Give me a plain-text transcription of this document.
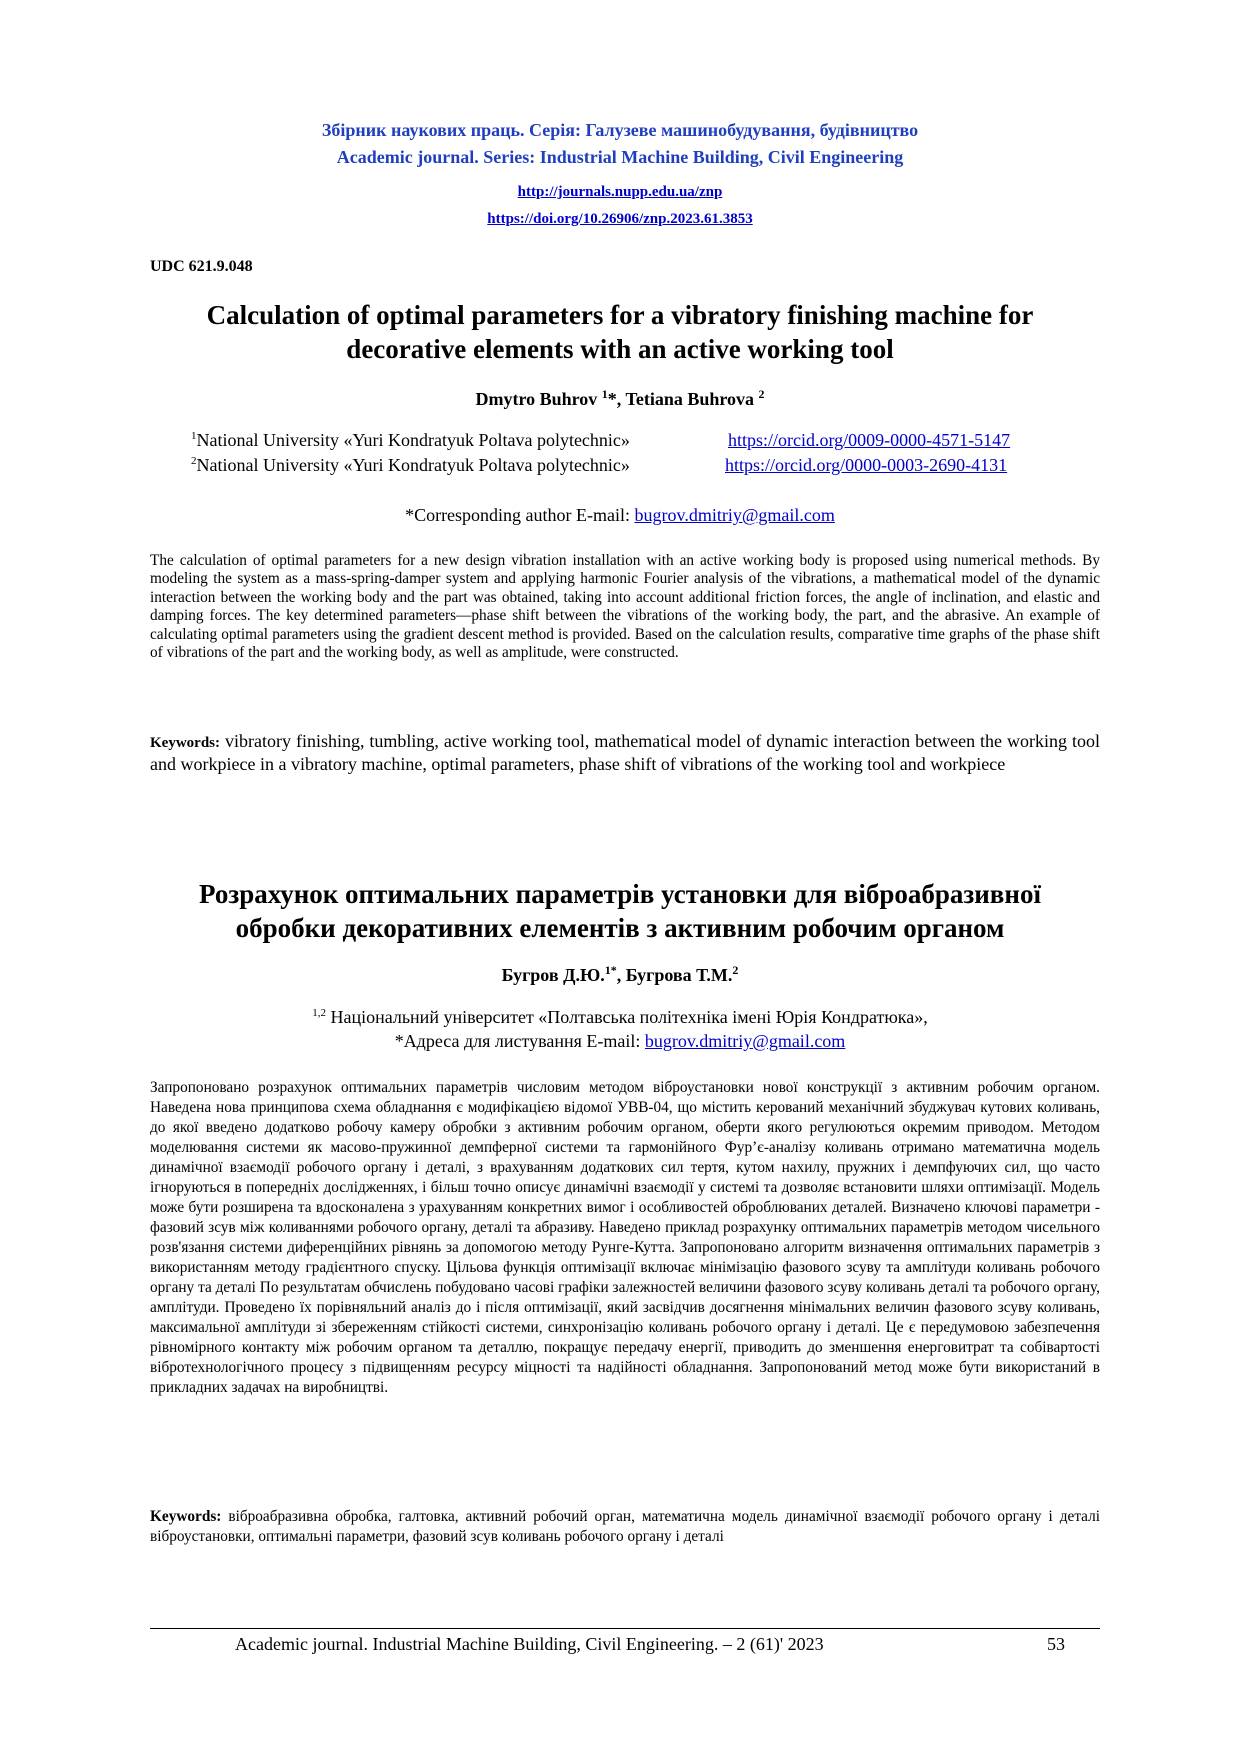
Збірник наукових праць. Серія: Галузеве машинобудування, будівництво
Academic journal. Series: Industrial Machine Building, Civil Engineering
http://journals.nupp.edu.ua/znp
https://doi.org/10.26906/znp.2023.61.3853
UDC 621.9.048
Calculation of optimal parameters for a vibratory finishing machine for
decorative elements with an active working tool
Dmytro Buhrov $^1$*, Tetiana Buhrova $^2$
$^1$National University «Yuri Kondratyuk Poltava polytechnic»	https://orcid.org/0009-0000-4571-5147
$^2$National University «Yuri Kondratyuk Poltava polytechnic»	https://orcid.org/0000-0003-2690-4131
*Corresponding author E-mail: bugrov.dmitriy@gmail.com
The calculation of optimal parameters for a new design vibration installation with an active working body is proposed using numerical methods. By modeling the system as a mass-spring-damper system and applying harmonic Fourier analysis of the vibrations, a mathematical model of the dynamic interaction between the working body and the part was obtained, taking into account additional friction forces, the angle of inclination, and elastic and damping forces. The key determined parameters—phase shift between the vibrations of the working body, the part, and the abrasive. An example of calculating optimal parameters using the gradient descent method is provided. Based on the calculation results, comparative time graphs of the phase shift of vibrations of the part and the working body, as well as amplitude, were constructed.
Keywords: vibratory finishing, tumbling, active working tool, mathematical model of dynamic interaction between the working tool and workpiece in a vibratory machine, optimal parameters, phase shift of vibrations of the working tool and workpiece
Розрахунок оптимальних параметрів установки для віброабразивної
обробки декоративних елементів з активним робочим органом
Бугров Д.Ю.$^{1*}$, Бугрова Т.М.$^2$
$^{1,2}$ Національний університет «Полтавська політехніка імені Юрія Кондратюка»,
*Адреса для листування E-mail: bugrov.dmitriy@gmail.com
Запропоновано розрахунок оптимальних параметрів числовим методом віброустановки нової конструкції з активним робочим органом. Наведена нова принципова схема обладнання є модифікацією відомої УВВ-04, що містить керований механічний збуджувач кутових коливань, до якої введено додатково робочу камеру обробки з активним робочим органом, оберти якого регулюються окремим приводом. Методом моделювання системи як масово-пружинної демпферної системи та гармонійного Фур’є-аналізу коливань отримано математична модель динамічної взаємодії робочого органу і деталі, з врахуванням додаткових сил тертя, кутом нахилу, пружних і демпфуючих сил, що часто ігноруються в попередніх дослідженнях, і більш точно описує динамічні взаємодії у системі та дозволяє встановити шляхи оптимізації. Модель може бути розширена та вдосконалена з урахуванням конкретних вимог і особливостей оброблюваних деталей. Визначено ключові параметри - фазовий зсув між коливаннями робочого органу, деталі та абразиву. Наведено приклад розрахунку оптимальних параметрів методом чисельного розв'язання системи диференційних рівнянь за допомогою методу Рунге-Кутта. Запропоновано алгоритм визначення оптимальних параметрів з використанням методу градієнтного спуску. Цільова функція оптимізації включає мінімізацію фазового зсуву та амплітуди коливань робочого органу та деталі По результатам обчислень побудовано часові графіки залежностей величини фазового зсуву коливань деталі та робочого органу, амплітуди. Проведено їх порівняльний аналіз до і після оптимізації, який засвідчив досягнення мінімальних величин фазового зсуву коливань, максимальної амплітуди зі збереженням стійкості системи, синхронізацію коливань робочого органу і деталі. Це є передумовою забезпечення рівномірного контакту між робочим органом та деталлю, покращує передачу енергії, приводить до зменшення енерговитрат та собівартості вібротехнологічного процесу з підвищенням ресурсу міцності та надійності обладнання. Запропонований метод може бути використаний в прикладних задачах на виробництві.
Keywords: віброабразивна обробка, галтовка, активний робочий орган, математична модель динамічної взаємодії робочого органу і деталі віброустановки, оптимальні параметри, фазовий зсув коливань робочого органу і деталі
Academic journal. Industrial Machine Building, Civil Engineering. – 2 (61)' 2023	53
